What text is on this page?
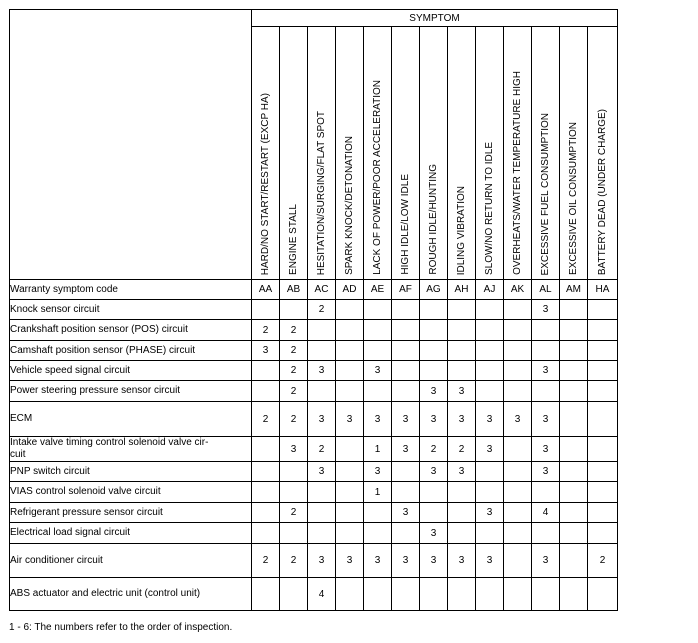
	SYMPTOM												

	HARD/NO START/RESTART (EXCP HA)	ENGINE STALL	HESITATION/SURGING/FLAT SPOT	SPARK KNOCK/DETONATION	LACK OF POWER/POOR ACCELERATION	HIGH IDLE/LOW IDLE	ROUGH IDLE/HUNTING	IDLING VIBRATION	SLOW/NO RETURN TO IDLE	OVERHEATS/WATER TEMPERATURE HIGH	EXCESSIVE FUEL CONSUMPTION	EXCESSIVE OIL CONSUMPTION	BATTERY DEAD (UNDER CHARGE)

Warranty symptom code	AA	AB	AC	AD	AE	AF	AG	AH	AJ	AK	AL	AM	HA
Knock sensor circuit			2								3		
Crankshaft position sensor (POS) circuit	2	2											
Camshaft position sensor (PHASE) circuit	3	2											
Vehicle speed signal circuit		2	3		3						3		
Power steering pressure sensor circuit		2					3	3					
ECM	2	2	3	3	3	3	3	3	3	3	3		
Intake valve timing control solenoid valve cir-
cuit		3	2		1	3	2	2	3		3		
PNP switch circuit			3		3		3	3			3		
VIAS control solenoid valve circuit					1								
Refrigerant pressure sensor circuit		2				3			3		4		
Electrical load signal circuit							3						
Air conditioner circuit	2	2	3	3	3	3	3	3	3		3		2
ABS actuator and electric unit (control unit)			4										
1 - 6: The numbers refer to the order of inspection.
